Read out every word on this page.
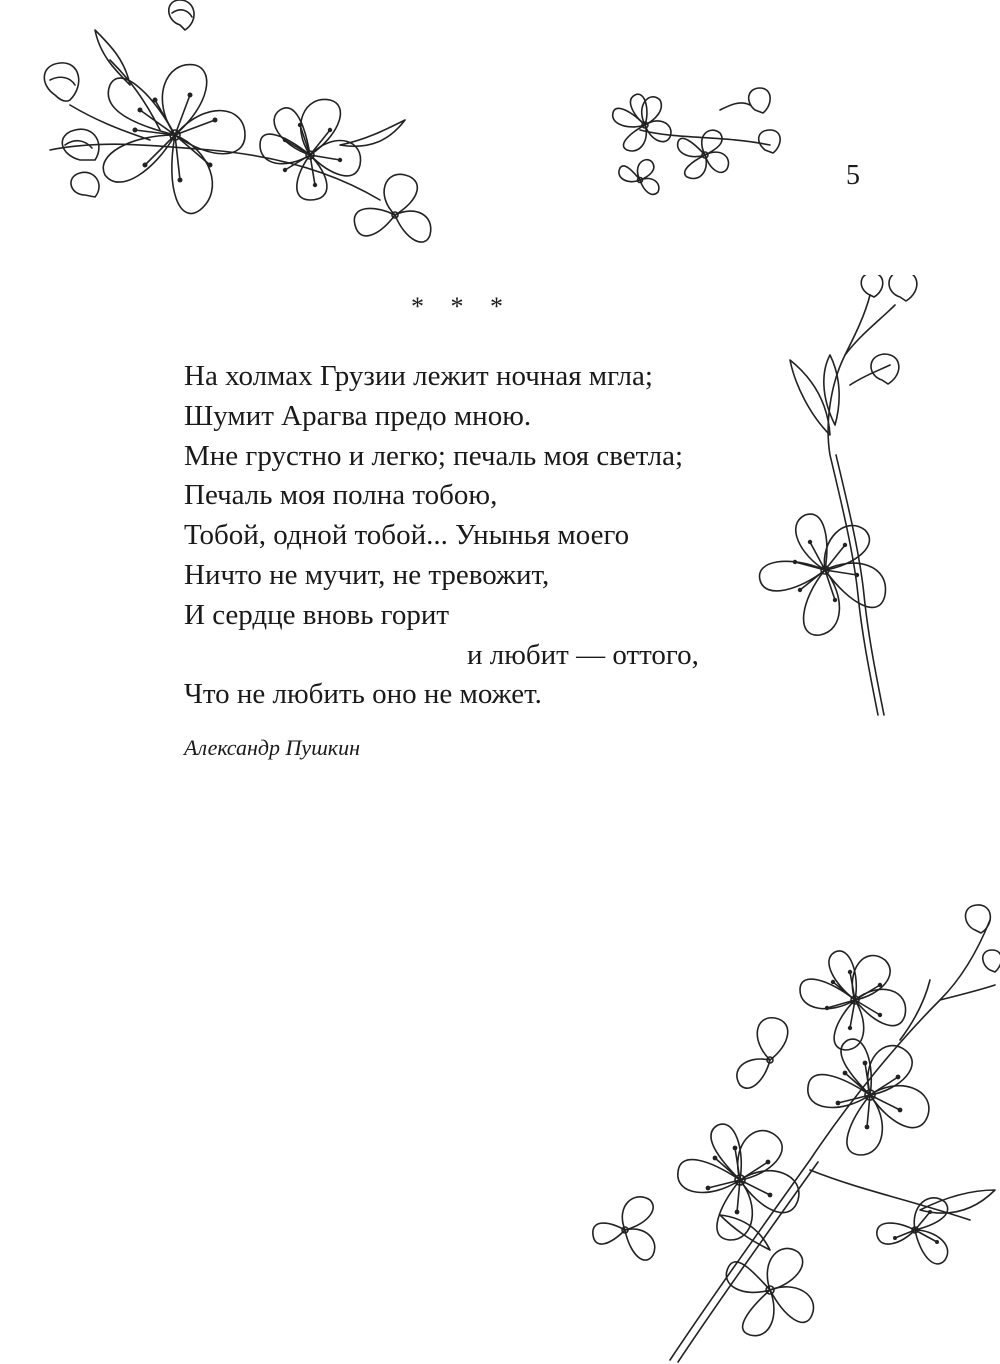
5
* * *
На холмах Грузии лежит ночная мгла;
Шумит Арагва предо мною.
Мне грустно и легко; печаль моя светла;
Печаль моя полна тобою,
Тобой, одной тобой... Унынья моего
Ничто не мучит, не тревожит,
И сердце вновь горит
и любит — оттого,
Что не любить оно не может.
Александр Пушкин
